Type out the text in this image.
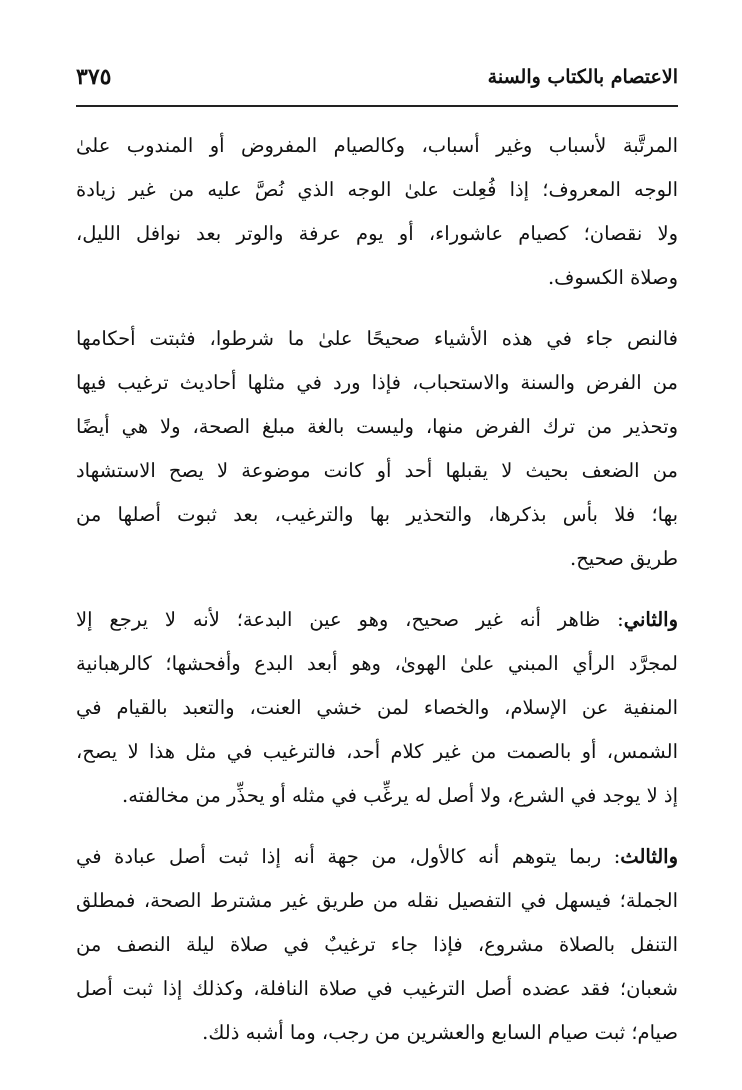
الاعتصام بالكتاب والسنة
٣٧٥
المرتَّبة لأسباب وغير أسباب، وكالصيام المفروض أو المندوب علىٰ
الوجه المعروف؛ إذا فُعِلت علىٰ الوجه الذي نُصَّ عليه من غير زيادة
ولا نقصان؛ كصيام عاشوراء، أو يوم عرفة والوتر بعد نوافل الليل،
وصلاة الكسوف.
فالنص جاء في هذه الأشياء صحيحًا علىٰ ما شرطوا، فثبتت أحكامها
من الفرض والسنة والاستحباب، فإذا ورد في مثلها أحاديث ترغيب فيها
وتحذير من ترك الفرض منها، وليست بالغة مبلغ الصحة، ولا هي أيضًا
من الضعف بحيث لا يقبلها أحد أو كانت موضوعة لا يصح الاستشهاد
بها؛ فلا بأس بذكرها، والتحذير بها والترغيب، بعد ثبوت أصلها من
طريق صحيح.
والثاني: ظاهر أنه غير صحيح، وهو عين البدعة؛ لأنه لا يرجع إلا
لمجرَّد الرأي المبني علىٰ الهوىٰ، وهو أبعد البدع وأفحشها؛ كالرهبانية
المنفية عن الإسلام، والخصاء لمن خشي العنت، والتعبد بالقيام في
الشمس، أو بالصمت من غير كلام أحد، فالترغيب في مثل هذا لا يصح،
إذ لا يوجد في الشرع، ولا أصل له يرغِّب في مثله أو يحذِّر من مخالفته.
والثالث: ربما يتوهم أنه كالأول، من جهة أنه إذا ثبت أصل عبادة في
الجملة؛ فيسهل في التفصيل نقله من طريق غير مشترط الصحة، فمطلق
التنفل بالصلاة مشروع، فإذا جاء ترغيبٌ في صلاة ليلة النصف من
شعبان؛ فقد عضده أصل الترغيب في صلاة النافلة، وكذلك إذا ثبت أصل
صيام؛ ثبت صيام السابع والعشرين من رجب، وما أشبه ذلك.
